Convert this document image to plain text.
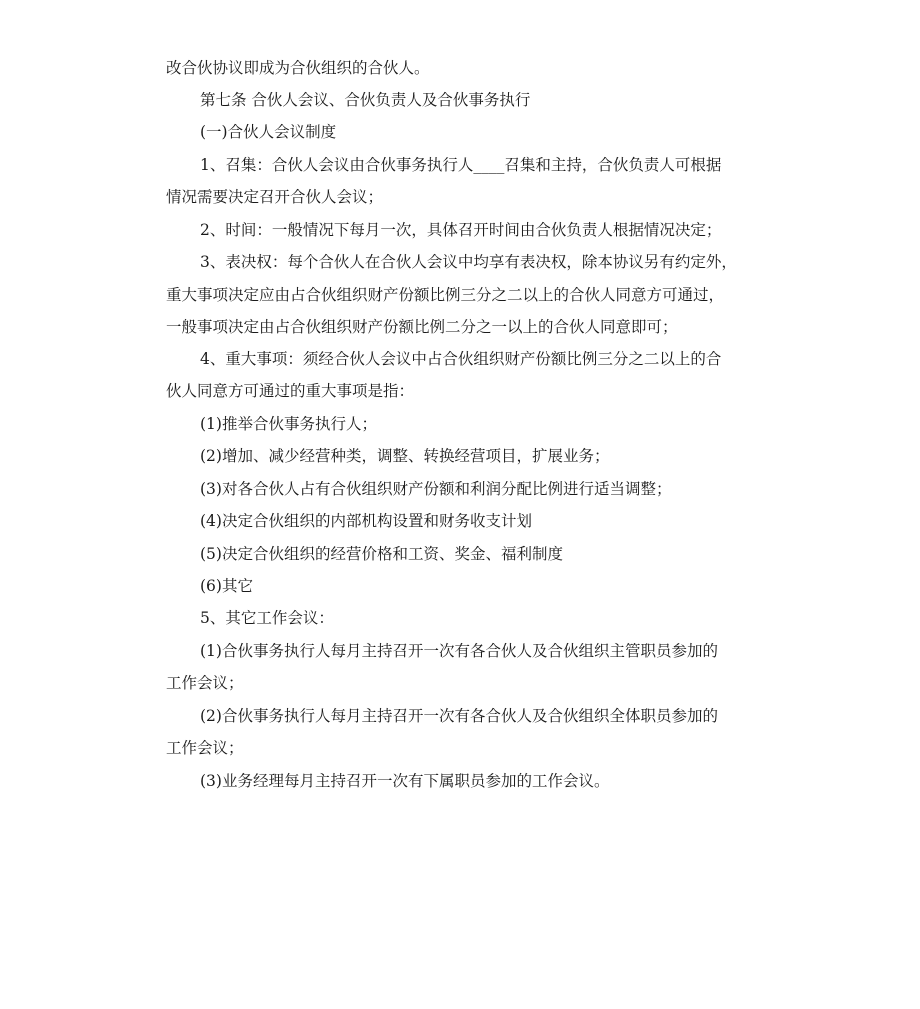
改合伙协议即成为合伙组织的合伙人。
第七条 合伙人会议、合伙负责人及合伙事务执行
(一)合伙人会议制度
1、召集：合伙人会议由合伙事务执行人____召集和主持，合伙负责人可根据
情况需要决定召开合伙人会议；
2、时间：一般情况下每月一次，具体召开时间由合伙负责人根据情况决定；
3、表决权：每个合伙人在合伙人会议中均享有表决权，除本协议另有约定外，
重大事项决定应由占合伙组织财产份额比例三分之二以上的合伙人同意方可通过，
一般事项决定由占合伙组织财产份额比例二分之一以上的合伙人同意即可；
4、重大事项：须经合伙人会议中占合伙组织财产份额比例三分之二以上的合
伙人同意方可通过的重大事项是指：
(1)推举合伙事务执行人；
(2)增加、减少经营种类，调整、转换经营项目，扩展业务；
(3)对各合伙人占有合伙组织财产份额和利润分配比例进行适当调整；
(4)决定合伙组织的内部机构设置和财务收支计划
(5)决定合伙组织的经营价格和工资、奖金、福利制度
(6)其它
5、其它工作会议：
(1)合伙事务执行人每月主持召开一次有各合伙人及合伙组织主管职员参加的
工作会议；
(2)合伙事务执行人每月主持召开一次有各合伙人及合伙组织全体职员参加的
工作会议；
(3)业务经理每月主持召开一次有下属职员参加的工作会议。
